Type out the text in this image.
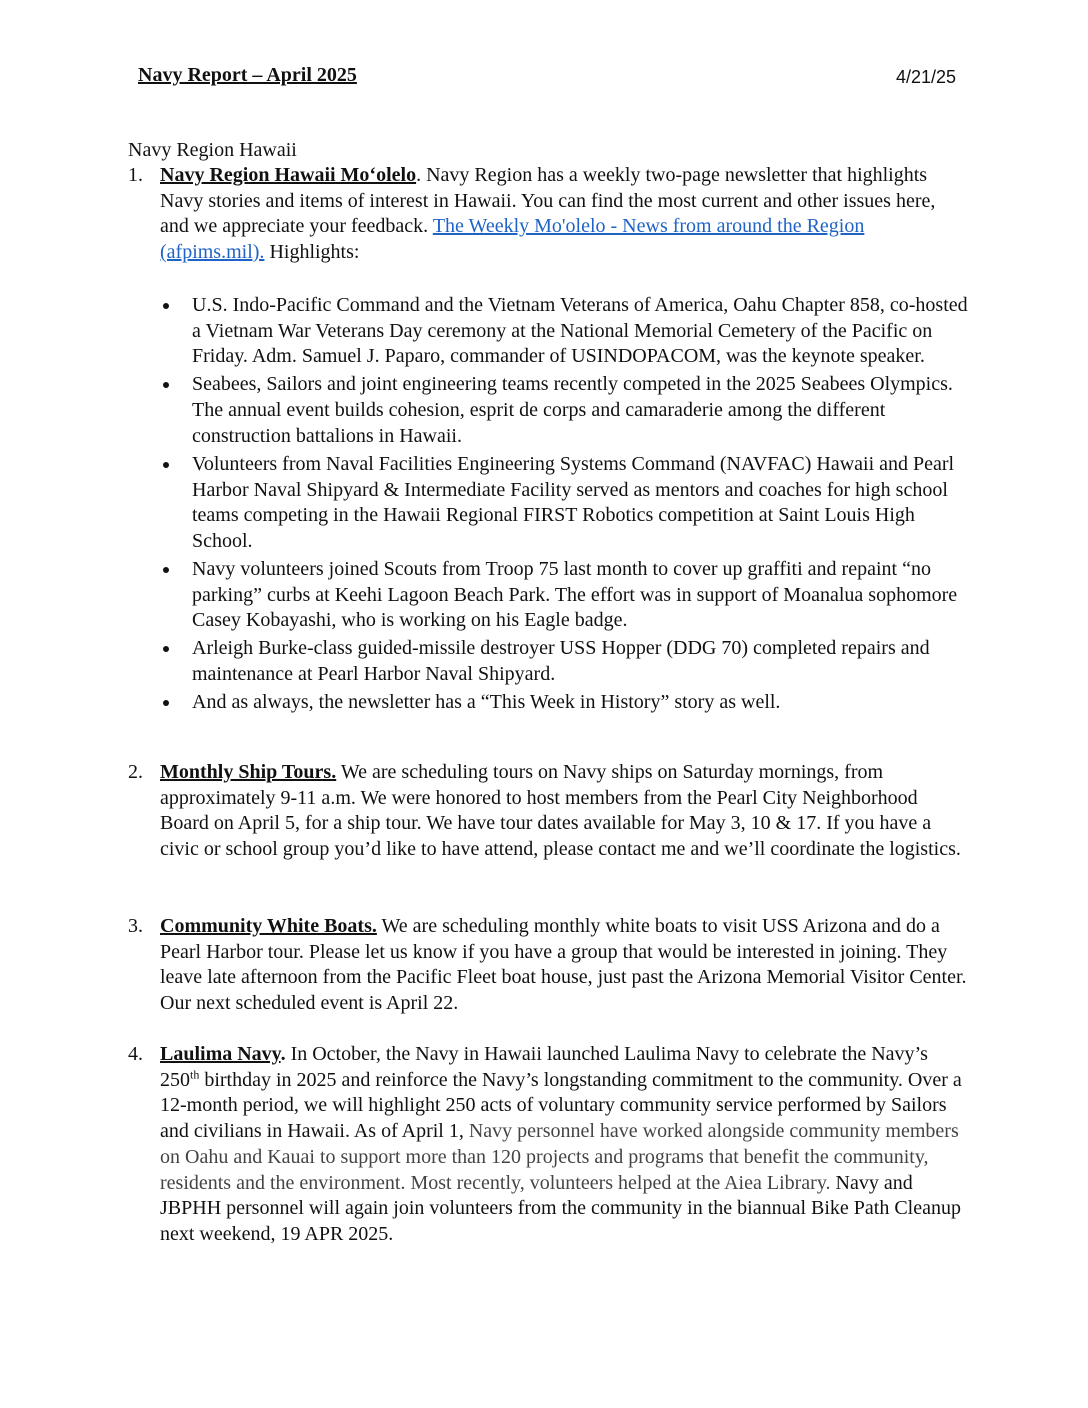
Navy Report – April 2025	4/21/25
Navy Region Hawaii
1. Navy Region Hawaii Mo‘olelo. Navy Region has a weekly two-page newsletter that highlights Navy stories and items of interest in Hawaii. You can find the most current and other issues here, and we appreciate your feedback. The Weekly Mo'olelo - News from around the Region (afpims.mil). Highlights:
U.S. Indo-Pacific Command and the Vietnam Veterans of America, Oahu Chapter 858, co-hosted a Vietnam War Veterans Day ceremony at the National Memorial Cemetery of the Pacific on Friday. Adm. Samuel J. Paparo, commander of USINDOPACOM, was the keynote speaker.
Seabees, Sailors and joint engineering teams recently competed in the 2025 Seabees Olympics. The annual event builds cohesion, esprit de corps and camaraderie among the different construction battalions in Hawaii.
Volunteers from Naval Facilities Engineering Systems Command (NAVFAC) Hawaii and Pearl Harbor Naval Shipyard & Intermediate Facility served as mentors and coaches for high school teams competing in the Hawaii Regional FIRST Robotics competition at Saint Louis High School.
Navy volunteers joined Scouts from Troop 75 last month to cover up graffiti and repaint “no parking” curbs at Keehi Lagoon Beach Park. The effort was in support of Moanalua sophomore Casey Kobayashi, who is working on his Eagle badge.
Arleigh Burke-class guided-missile destroyer USS Hopper (DDG 70) completed repairs and maintenance at Pearl Harbor Naval Shipyard.
And as always, the newsletter has a “This Week in History” story as well.
2. Monthly Ship Tours. We are scheduling tours on Navy ships on Saturday mornings, from approximately 9-11 a.m. We were honored to host members from the Pearl City Neighborhood Board on April 5, for a ship tour. We have tour dates available for May 3, 10 & 17. If you have a civic or school group you’d like to have attend, please contact me and we’ll coordinate the logistics.
3. Community White Boats. We are scheduling monthly white boats to visit USS Arizona and do a Pearl Harbor tour. Please let us know if you have a group that would be interested in joining. They leave late afternoon from the Pacific Fleet boat house, just past the Arizona Memorial Visitor Center. Our next scheduled event is April 22.
4. Laulima Navy. In October, the Navy in Hawaii launched Laulima Navy to celebrate the Navy’s 250th birthday in 2025 and reinforce the Navy’s longstanding commitment to the community. Over a 12-month period, we will highlight 250 acts of voluntary community service performed by Sailors and civilians in Hawaii. As of April 1, Navy personnel have worked alongside community members on Oahu and Kauai to support more than 120 projects and programs that benefit the community, residents and the environment. Most recently, volunteers helped at the Aiea Library. Navy and JBPHH personnel will again join volunteers from the community in the biannual Bike Path Cleanup next weekend, 19 APR 2025.
